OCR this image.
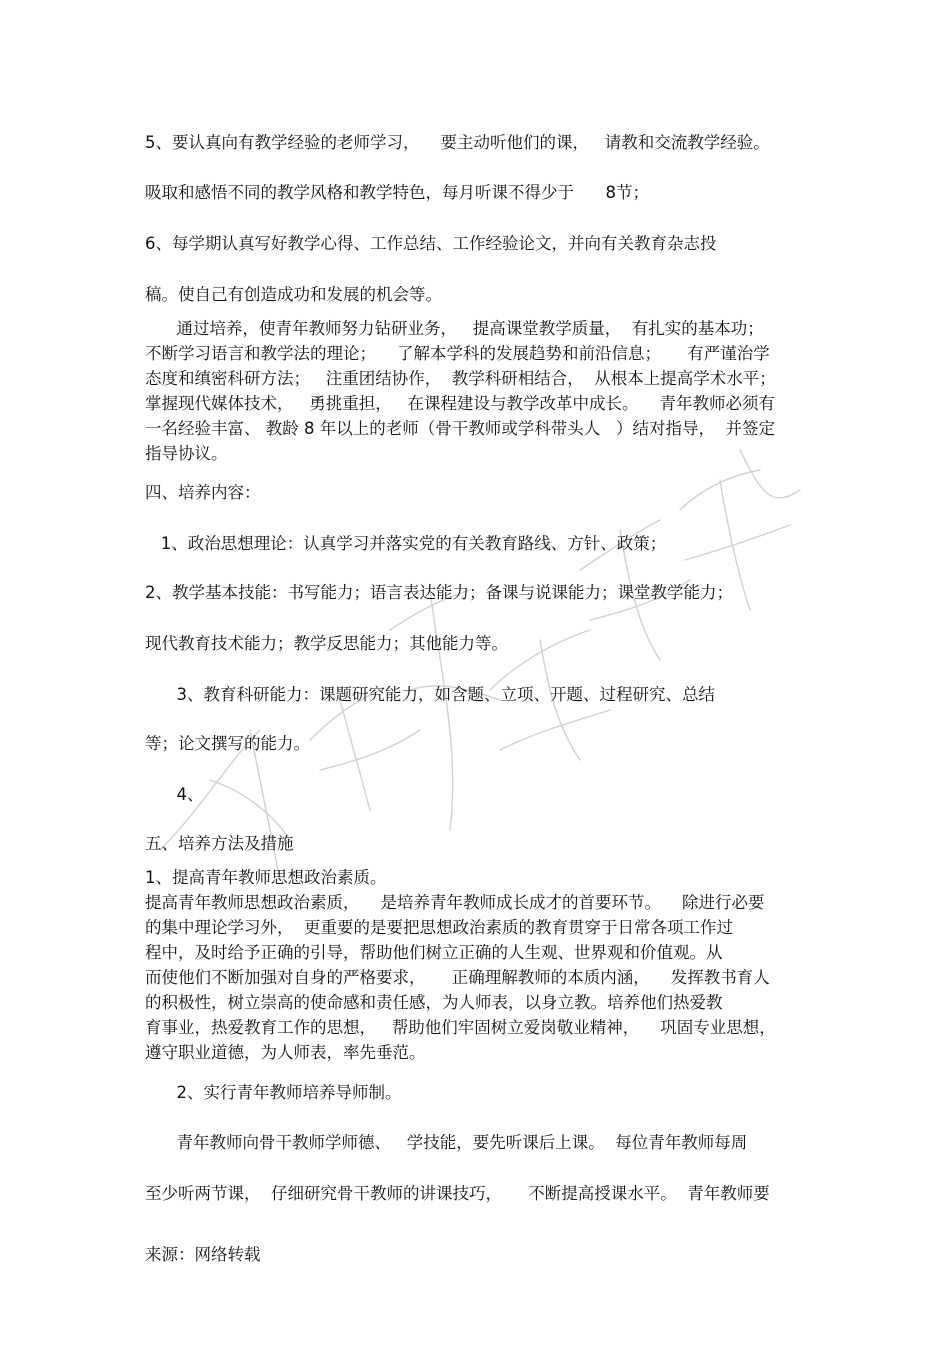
5、要认真向有教学经验的老师学习，    要主动听他们的课，   请教和交流教学经验。

吸取和感悟不同的教学风格和教学特色，每月听课不得少于      8节；

6、每学期认真写好教学心得、工作总结、工作经验论文，并向有关教育杂志投

稿。使自己有创造成功和发展的机会等。

通过培养，使青年教师努力钻研业务，   提高课堂教学质量，  有扎实的基本功；

不断学习语言和教学法的理论；    了解本学科的发展趋势和前沿信息；     有严谨治学

态度和缜密科研方法；   注重团结协作，  教学科研相结合，  从根本上提高学术水平；

掌握现代媒体技术，   勇挑重担，   在课程建设与教学改革中成长。    青年教师必须有

一名经验丰富、 教龄 8 年以上的老师（骨干教师或学科带头人   ）结对指导，  并签定

指导协议。

四、培养内容：

1、政治思想理论：认真学习并落实党的有关教育路线、方针、政策；

2、教学基本技能：书写能力；语言表达能力；备课与说课能力；课堂教学能力；

现代教育技术能力；教学反思能力；其他能力等。

3、教育科研能力：课题研究能力，如含题、立项、开题、过程研究、总结

等；论文撰写的能力。

4、

五、培养方法及措施

1、提高青年教师思想政治素质。

提高青年教师思想政治素质，    是培养青年教师成长成才的首要环节。    除进行必要

的集中理论学习外，  更重要的是要把思想政治素质的教育贯穿于日常各项工作过

程中，及时给予正确的引导，帮助他们树立正确的人生观、世界观和价值观。从

而使他们不断加强对自身的严格要求，     正确理解教师的本质内涵，    发挥教书育人

的积极性，树立崇高的使命感和责任感，为人师表，以身立教。培养他们热爱教

育事业，热爱教育工作的思想，   帮助他们牢固树立爱岗敬业精神，    巩固专业思想，

遵守职业道德，为人师表，率先垂范。

2、实行青年教师培养导师制。

青年教师向骨干教师学师德、   学技能，要先听课后上课。  每位青年教师每周

至少听两节课，  仔细研究骨干教师的讲课技巧，     不断提高授课水平。  青年教师要

来源：网络转载
